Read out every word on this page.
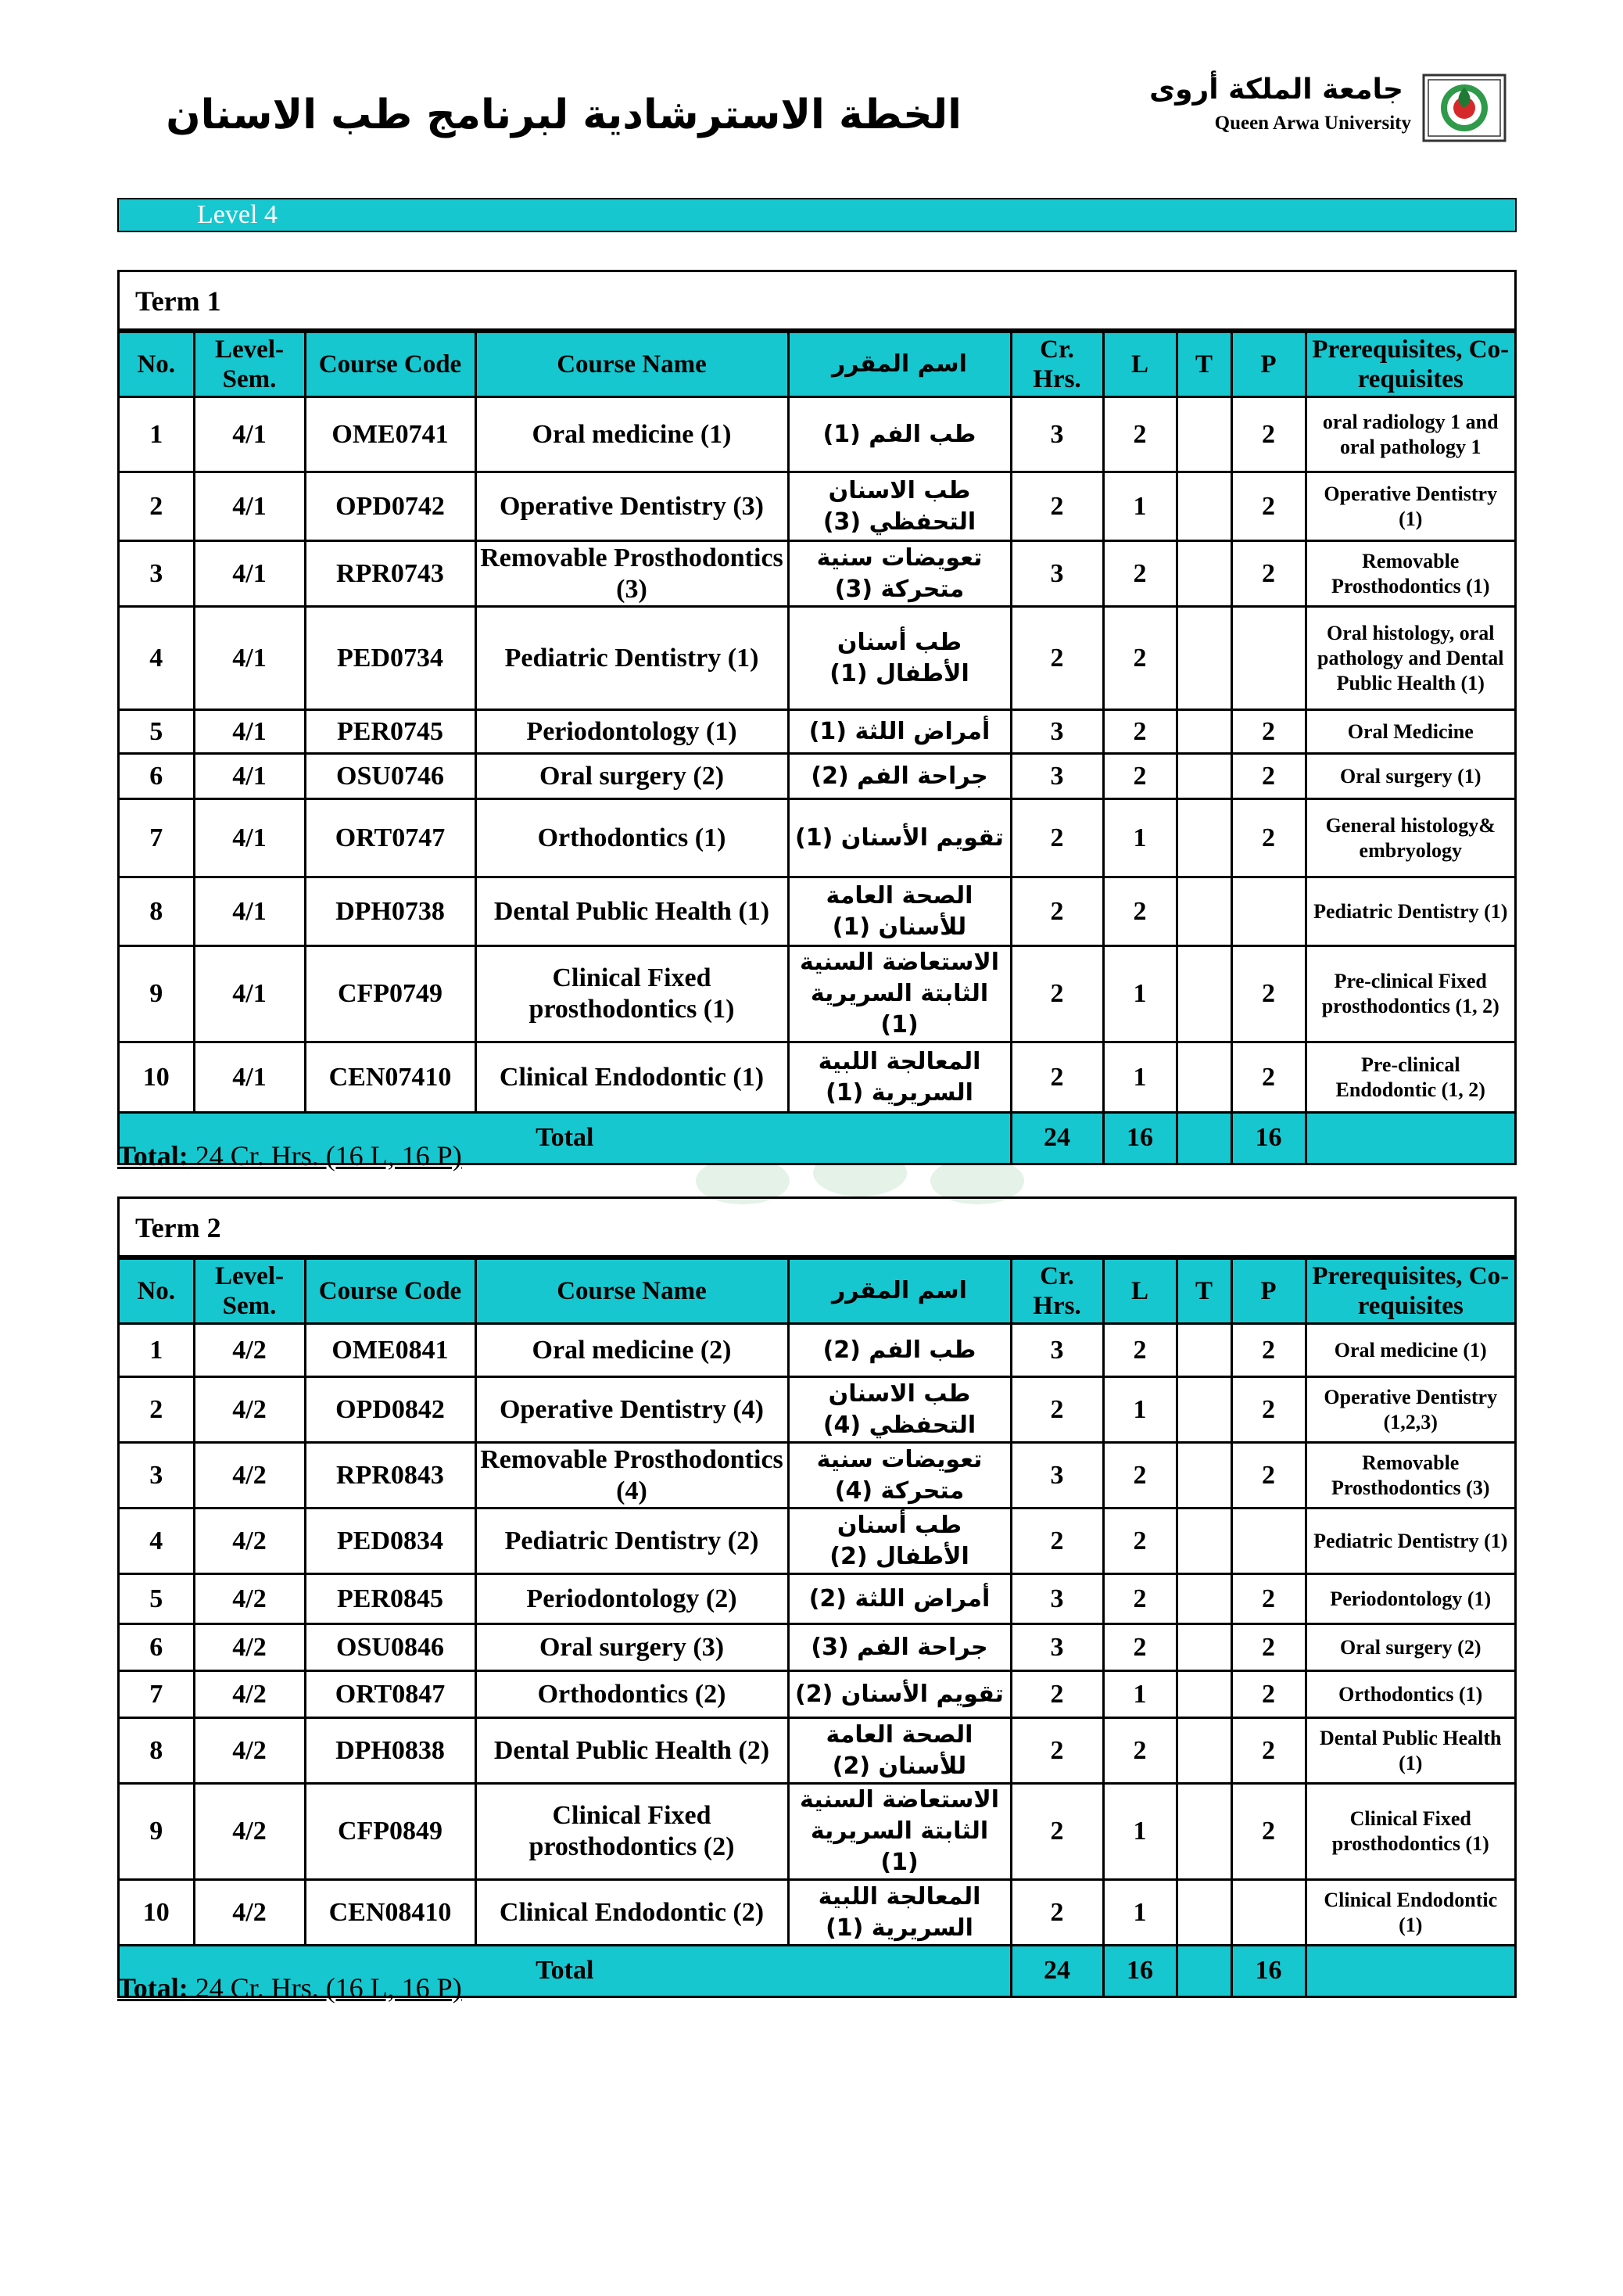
الخطة الاسترشادية لبرنامج طب الاسنان
جامعة الملكة أروى
Queen Arwa University
Level 4
Term 1
No.	Level-Sem.	Course Code	Course Name	اسم المقرر	Cr. Hrs.	L	T	P	Prerequisites, Co-requisites
1	4/1	OME0741	Oral medicine (1)	طب الفم (1)	3	2		2	oral radiology 1 and oral pathology 1
2	4/1	OPD0742	Operative Dentistry (3)	طب الاسنان التحفظي (3)	2	1		2	Operative Dentistry (1)
3	4/1	RPR0743	Removable Prosthodontics (3)	تعويضات سنية متحركة (3)	3	2		2	Removable Prosthodontics (1)
4	4/1	PED0734	Pediatric Dentistry (1)	طب أسنان الأطفال (1)	2	2			Oral histology, oral pathology and Dental Public Health (1)
5	4/1	PER0745	Periodontology (1)	أمراض اللثة (1)	3	2		2	Oral Medicine
6	4/1	OSU0746	Oral surgery (2)	جراحة الفم (2)	3	2		2	Oral surgery (1)
7	4/1	ORT0747	Orthodontics (1)	تقويم الأسنان (1)	2	1		2	General histology& embryology
8	4/1	DPH0738	Dental Public Health (1)	الصحة العامة للأسنان (1)	2	2			Pediatric Dentistry (1)
9	4/1	CFP0749	Clinical Fixed prosthodontics (1)	الاستعاضة السنية الثابتة السريرية (1)	2	1		2	Pre-clinical Fixed prosthodontics (1, 2)
10	4/1	CEN07410	Clinical Endodontic (1)	المعالجة اللبية السريرية (1)	2	1		2	Pre-clinical Endodontic (1, 2)
Total					24	16		16	
Total: 24 Cr. Hrs. (16 L, 16 P)
Term 2
No.	Level-Sem.	Course Code	Course Name	اسم المقرر	Cr. Hrs.	L	T	P	Prerequisites, Co-requisites
1	4/2	OME0841	Oral medicine (2)	طب الفم (2)	3	2		2	Oral medicine (1)
2	4/2	OPD0842	Operative Dentistry (4)	طب الاسنان التحفظي (4)	2	1		2	Operative Dentistry (1,2,3)
3	4/2	RPR0843	Removable Prosthodontics (4)	تعويضات سنية متحركة (4)	3	2		2	Removable Prosthodontics (3)
4	4/2	PED0834	Pediatric Dentistry (2)	طب أسنان الأطفال (2)	2	2			Pediatric Dentistry (1)
5	4/2	PER0845	Periodontology (2)	أمراض اللثة (2)	3	2		2	Periodontology (1)
6	4/2	OSU0846	Oral surgery (3)	جراحة الفم (3)	3	2		2	Oral surgery (2)
7	4/2	ORT0847	Orthodontics (2)	تقويم الأسنان (2)	2	1		2	Orthodontics (1)
8	4/2	DPH0838	Dental Public Health (2)	الصحة العامة للأسنان (2)	2	2		2	Dental Public Health (1)
9	4/2	CFP0849	Clinical Fixed prosthodontics (2)	الاستعاضة السنية الثابتة السريرية (1)	2	1		2	Clinical Fixed prosthodontics (1)
10	4/2	CEN08410	Clinical Endodontic (2)	المعالجة اللبية السريرية (1)	2	1			Clinical Endodontic (1)
Total					24	16		16	
Total: 24 Cr. Hrs. (16 L, 16 P)
